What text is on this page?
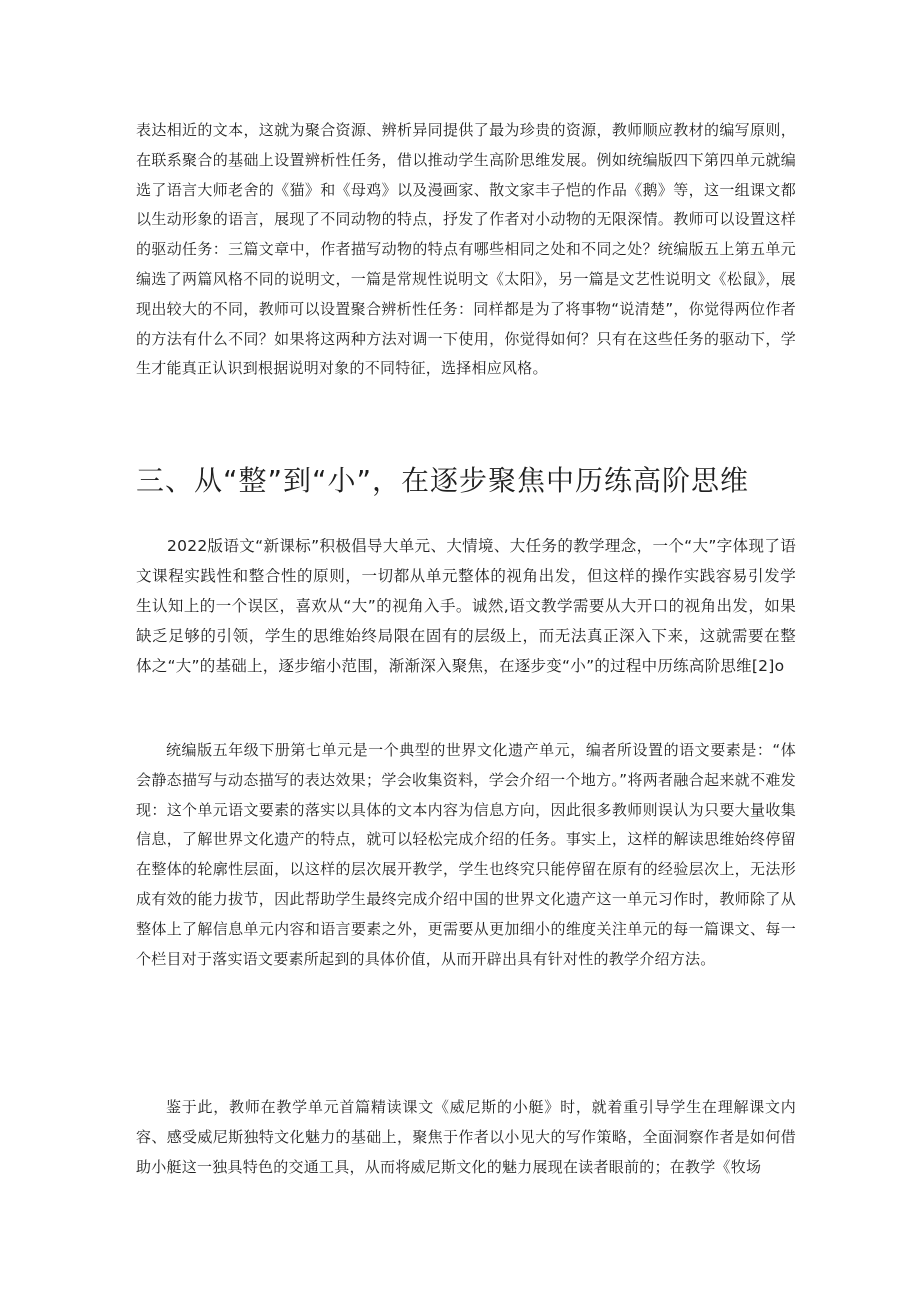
表达相近的文本，这就为聚合资源、辨析异同提供了最为珍贵的资源，教师顺应教材的编写原则，在联系聚合的基础上设置辨析性任务，借以推动学生高阶思维发展。例如统编版四下第四单元就编选了语言大师老舍的《猫》和《母鸡》以及漫画家、散文家丰子恺的作品《鹅》等，这一组课文都以生动形象的语言，展现了不同动物的特点，抒发了作者对小动物的无限深情。教师可以设置这样的驱动任务：三篇文章中，作者描写动物的特点有哪些相同之处和不同之处？统编版五上第五单元编选了两篇风格不同的说明文，一篇是常规性说明文《太阳》，另一篇是文艺性说明文《松鼠》，展现出较大的不同，教师可以设置聚合辨析性任务：同样都是为了将事物“说清楚”，你觉得两位作者的方法有什么不同？如果将这两种方法对调一下使用，你觉得如何？只有在这些任务的驱动下，学生才能真正认识到根据说明对象的不同特征，选择相应风格。

三、从“整”到“小”，在逐步聚焦中历练高阶思维

2022版语文“新课标”积极倡导大单元、大情境、大任务的教学理念，一个“大”字体现了语文课程实践性和整合性的原则，一切都从单元整体的视角出发，但这样的操作实践容易引发学生认知上的一个误区，喜欢从“大”的视角入手。诚然,语文教学需要从大开口的视角出发，如果缺乏足够的引领，学生的思维始终局限在固有的层级上，而无法真正深入下来，这就需要在整体之“大”的基础上，逐步缩小范围，渐渐深入聚焦，在逐步变“小”的过程中历练高阶思维[2]o

统编版五年级下册第七单元是一个典型的世界文化遗产单元，编者所设置的语文要素是：“体会静态描写与动态描写的表达效果；学会收集资料，学会介绍一个地方。”将两者融合起来就不难发现：这个单元语文要素的落实以具体的文本内容为信息方向，因此很多教师则误认为只要大量收集信息，了解世界文化遗产的特点，就可以轻松完成介绍的任务。事实上，这样的解读思维始终停留在整体的轮廓性层面，以这样的层次展开教学，学生也终究只能停留在原有的经验层次上，无法形成有效的能力拔节，因此帮助学生最终完成介绍中国的世界文化遗产这一单元习作时，教师除了从整体上了解信息单元内容和语言要素之外，更需要从更加细小的维度关注单元的每一篇课文、每一个栏目对于落实语文要素所起到的具体价值，从而开辟出具有针对性的教学介绍方法。

鉴于此，教师在教学单元首篇精读课文《威尼斯的小艇》时，就着重引导学生在理解课文内容、感受威尼斯独特文化魅力的基础上，聚焦于作者以小见大的写作策略，全面洞察作者是如何借助小艇这一独具特色的交通工具，从而将威尼斯文化的魅力展现在读者眼前的；在教学《牧场
